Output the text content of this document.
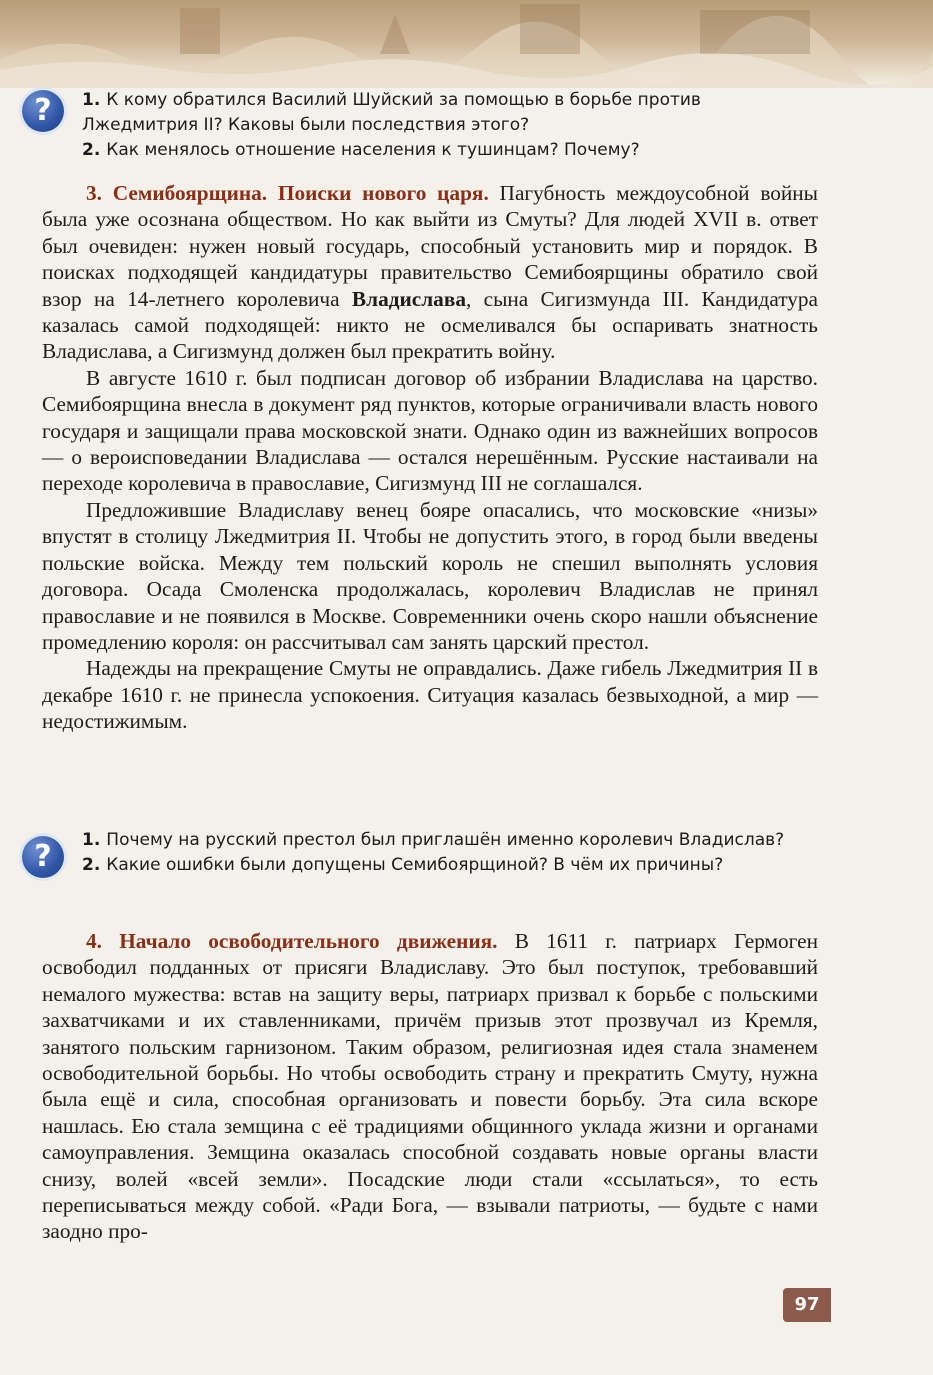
?	1. К кому обратился Василий Шуйский за помощью в борьбе против Лжедмитрия II? Каковы были последствия этого?
2. Как менялось отношение населения к тушинцам? Почему?

3. Семибоярщина. Поиски нового царя. Пагубность междоусобной войны была уже осознана обществом. Но как выйти из Смуты? Для людей XVII в. ответ был очевиден: нужен новый государь, способный установить мир и порядок. В поисках подходящей кандидатуры правительство Семибоярщины обратило свой взор на 14-летнего королевича Владислава, сына Сигизмунда III. Кандидатура казалась самой подходящей: никто не осмеливался бы оспаривать знатность Владислава, а Сигизмунд должен был прекратить войну.

В августе 1610 г. был подписан договор об избрании Владислава на царство. Семибоярщина внесла в документ ряд пунктов, которые ограничивали власть нового государя и защищали права московской знати. Однако один из важнейших вопросов — о вероисповедании Владислава — остался нерешённым. Русские настаивали на переходе королевича в православие, Сигизмунд III не соглашался.

Предложившие Владиславу венец бояре опасались, что московские «низы» впустят в столицу Лжедмитрия II. Чтобы не допустить этого, в город были введены польские войска. Между тем польский король не спешил выполнять условия договора. Осада Смоленска продолжалась, королевич Владислав не принял православие и не появился в Москве. Современники очень скоро нашли объяснение промедлению короля: он рассчитывал сам занять царский престол.

Надежды на прекращение Смуты не оправдались. Даже гибель Лжедмитрия II в декабре 1610 г. не принесла успокоения. Ситуация казалась безвыходной, а мир — недостижимым.

?	1. Почему на русский престол был приглашён именно королевич Владислав?
2. Какие ошибки были допущены Семибоярщиной? В чём их причины?

4. Начало освободительного движения. В 1611 г. патриарх Гермоген освободил подданных от присяги Владиславу. Это был поступок, требовавший немалого мужества: встав на защиту веры, патриарх призвал к борьбе с польскими захватчиками и их ставленниками, причём призыв этот прозвучал из Кремля, занятого польским гарнизоном. Таким образом, религиозная идея стала знаменем освободительной борьбы. Но чтобы освободить страну и прекратить Смуту, нужна была ещё и сила, способная организовать и повести борьбу. Эта сила вскоре нашлась. Ею стала земщина с её традициями общинного уклада жизни и органами самоуправления. Земщина оказалась способной создавать новые органы власти снизу, волей «всей земли». Посадские люди стали «ссылаться», то есть переписываться между собой. «Ради Бога, — взывали патриоты, — будьте с нами заодно про-

97
